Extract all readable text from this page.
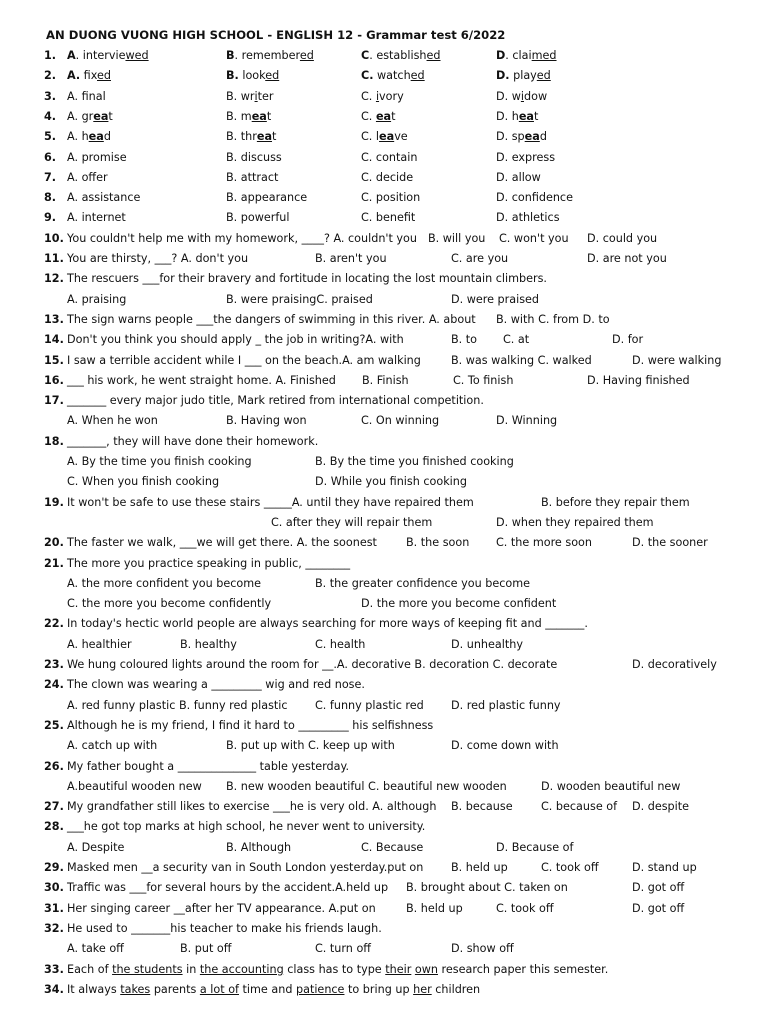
AN DUONG VUONG HIGH SCHOOL - ENGLISH 12 - Grammar test 6/2022
1. A. interviewed	B. remembered	C. established	D. claimed
2. A. fixed	B. looked	C. watched	D. played
3. A. fnal	B. writer	C. ivory	D. widow
4. A. great	B. meat	C. eat	D. heat
5. A. head	B. threat	C. leave	D. spead
6. A. promise	B. discuss	C. contain	D. express
7. A. offer	B. attract	C. decide	D. allow
8. A. assistance	B. appearance	C. position	D. confidence
9. A. internet	B. powerful	C. benefit	D. athletics
10. You couldn't help me with my homework, ____? A. couldn't you B. will you C. won't you D. could you
11. You are thirsty, ___? A. don't you	B. aren't you	C. are you	D. are not you
12. The rescuers ___for their bravery and fortitude in locating the lost mountain climbers.
A. praising	B. were praisingC. praised	D. were praised
13. The sign warns people ___the dangers of swimming in this river. A. about B. with C. from D. to
14. Don't you think you should apply _ the job in writing?A. with	B. to C. at	D. for
15. I saw a terrible accident while I ___ on the beach.A. am walking	B. was walking C. walked	D. were walking
16. ___ his work, he went straight home. A. Finished B. Finish	C. To finish	D. Having finished
17. _______ every major judo title, Mark retired from international competition.
A. When he won	B. Having won	C. On winning	D. Winning
18. _______, they will have done their homework.
A. By the time you finish cooking	B. By the time you finished cooking
C. When you finish cooking	D. While you finish cooking
19. It won't be safe to use these stairs _____A. until they have repaired them	B. before they repair them
C. after they will repair them	D. when they repaired them
20. The faster we walk, ___we will get there. A. the soonest	B. the soon C. the more soon	D. the sooner
21. The more you practice speaking in public, ________
A. the more confident you become	B. the greater confidence you become
C. the more you become confidently	D. the more you become confident
22. In today's hectic world people are always searching for more ways of keeping fit and _______.
A. healthier	B. healthy	C. health	D. unhealthy
23. We hung coloured lights around the room for __.A. decorative B. decoration C. decorate	D. decoratively
24. The clown was wearing a _________ wig and red nose.
A. red funny plastic B. funny red plastic C. funny plastic red D. red plastic funny
25. Although he is my friend, I find it hard to _________ his selfishness
A. catch up with	B. put up with C. keep up with	D. come down with
26. My father bought a ______________ table yesterday.
A.beautiful wooden new B. new wooden beautiful C. beautiful new wooden	D. wooden beautiful new
27. My grandfather still likes to exercise ___he is very old. A. although B. because	C. because of D. despite
28. ___he got top marks at high school, he never went to university.
A. Despite	B. Although	C. Because	D. Because of
29. Masked men __a security van in South London yesterday.put on B. held up	C. took off	D. stand up
30. Traffic was ___for several hours by the accident.A.held up B. brought about C. taken on	D. got off
31. Her singing career __after her TV appearance. A.put on	B. held up	C. took off	D. got off
32. He used to _______his teacher to make his friends laugh.
A. take off	B. put off	C. turn off	D. show off
33. Each of the students in the accounting class has to type their own research paper this semester.
34. It always takes parents a lot of time and patience to bring up her children
